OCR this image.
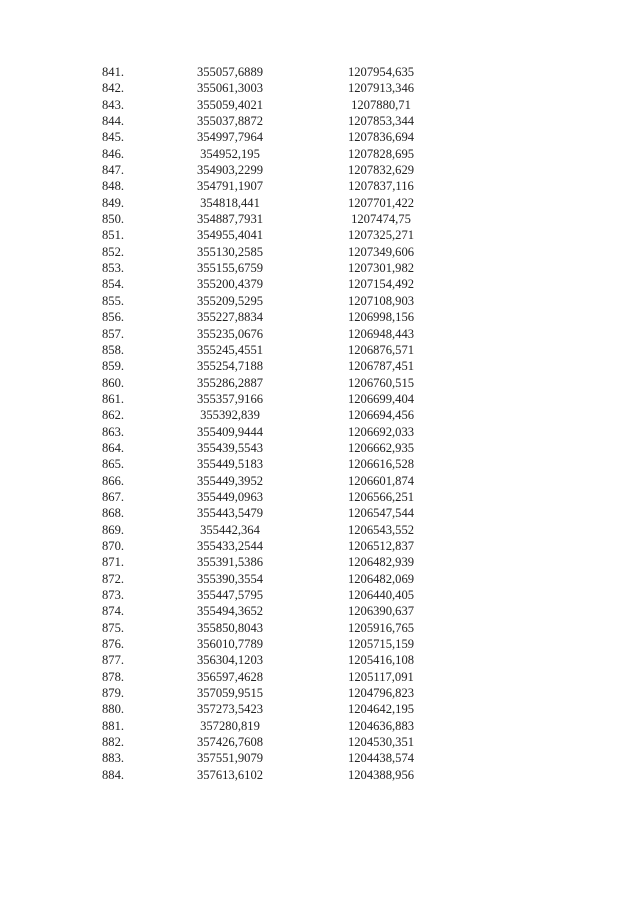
841.	355057,6889	1207954,635
842.	355061,3003	1207913,346
843.	355059,4021	1207880,71
844.	355037,8872	1207853,344
845.	354997,7964	1207836,694
846.	354952,195	1207828,695
847.	354903,2299	1207832,629
848.	354791,1907	1207837,116
849.	354818,441	1207701,422
850.	354887,7931	1207474,75
851.	354955,4041	1207325,271
852.	355130,2585	1207349,606
853.	355155,6759	1207301,982
854.	355200,4379	1207154,492
855.	355209,5295	1207108,903
856.	355227,8834	1206998,156
857.	355235,0676	1206948,443
858.	355245,4551	1206876,571
859.	355254,7188	1206787,451
860.	355286,2887	1206760,515
861.	355357,9166	1206699,404
862.	355392,839	1206694,456
863.	355409,9444	1206692,033
864.	355439,5543	1206662,935
865.	355449,5183	1206616,528
866.	355449,3952	1206601,874
867.	355449,0963	1206566,251
868.	355443,5479	1206547,544
869.	355442,364	1206543,552
870.	355433,2544	1206512,837
871.	355391,5386	1206482,939
872.	355390,3554	1206482,069
873.	355447,5795	1206440,405
874.	355494,3652	1206390,637
875.	355850,8043	1205916,765
876.	356010,7789	1205715,159
877.	356304,1203	1205416,108
878.	356597,4628	1205117,091
879.	357059,9515	1204796,823
880.	357273,5423	1204642,195
881.	357280,819	1204636,883
882.	357426,7608	1204530,351
883.	357551,9079	1204438,574
884.	357613,6102	1204388,956
